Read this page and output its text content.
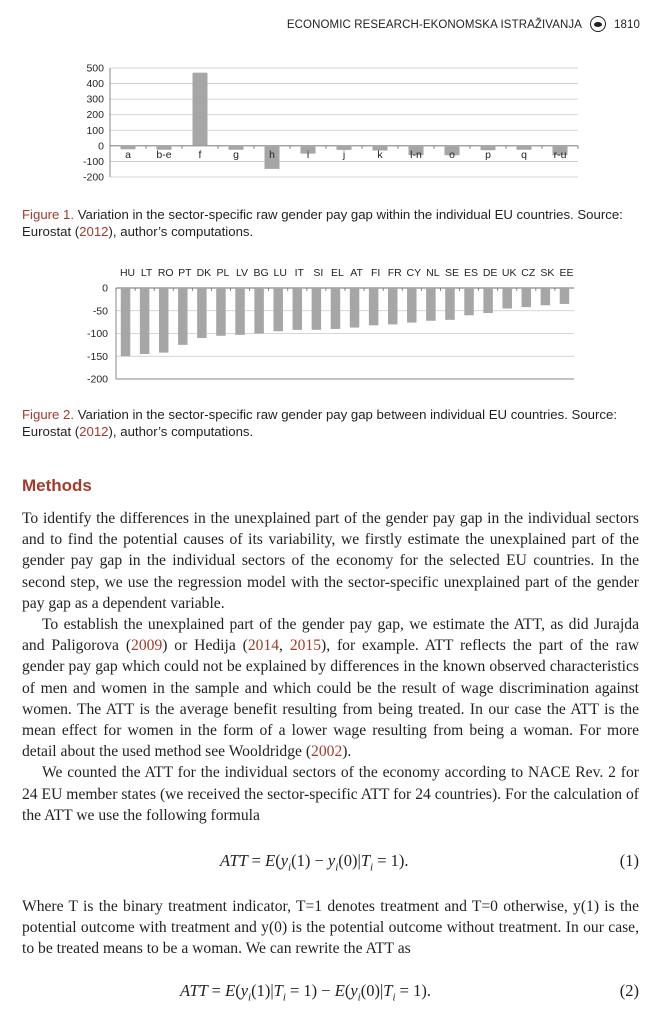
ECONOMIC RESEARCH-EKONOMSKA ISTRAŽIVANJA	1810
500
400
300
200
100
0
-100
-200
a b-e	f	g	h	i	j	k	l-n	o	p	q	r-u
Figure 1. Variation in the sector-specific raw gender pay gap within the individual EU countries. Source: Eurostat (2012), author’s computations.
0
-50
-100
-150
-200
HU LT RO PT DK PL LV BG LU IT SI EL AT FI FR CY NL SE ES DE UK CZ SK EE
Figure 2. Variation in the sector-specific raw gender pay gap between individual EU countries. Source: Eurostat (2012), author’s computations.
Methods

To identify the differences in the unexplained part of the gender pay gap in the individual sectors and to find the potential causes of its variability, we firstly estimate the unexplained part of the gender pay gap in the individual sectors of the economy for the selected EU countries. In the second step, we use the regression model with the sector-specific unexplained part of the gender pay gap as a dependent variable.

To establish the unexplained part of the gender pay gap, we estimate the ATT, as did Jurajda and Paligorova (2009) or Hedija (2014, 2015), for example. ATT reflects the part of the raw gender pay gap which could not be explained by differences in the known observed characteristics of men and women in the sample and which could be the result of wage discrimination against women. The ATT is the average benefit resulting from being treated. In our case the ATT is the mean effect for women in the form of a lower wage resulting from being a woman. For more detail about the used method see Wooldridge (2002).

We counted the ATT for the individual sectors of the economy according to NACE Rev. 2 for 24 EU member states (we received the sector-specific ATT for 24 countries). For the calculation of the ATT we use the following formula

ATT = $E(y_i(1) - y_i(0)|T_i = 1)$.	(1)

Where T is the binary treatment indicator, T=1 denotes treatment and T=0 otherwise, y(1) is the potential outcome with treatment and y(0) is the potential outcome without treatment. In our case, to be treated means to be a woman. We can rewrite the ATT as

ATT = $E(y_i(1)|T_i = 1) - E(y_i(0)|T_i = 1)$.	(2)
